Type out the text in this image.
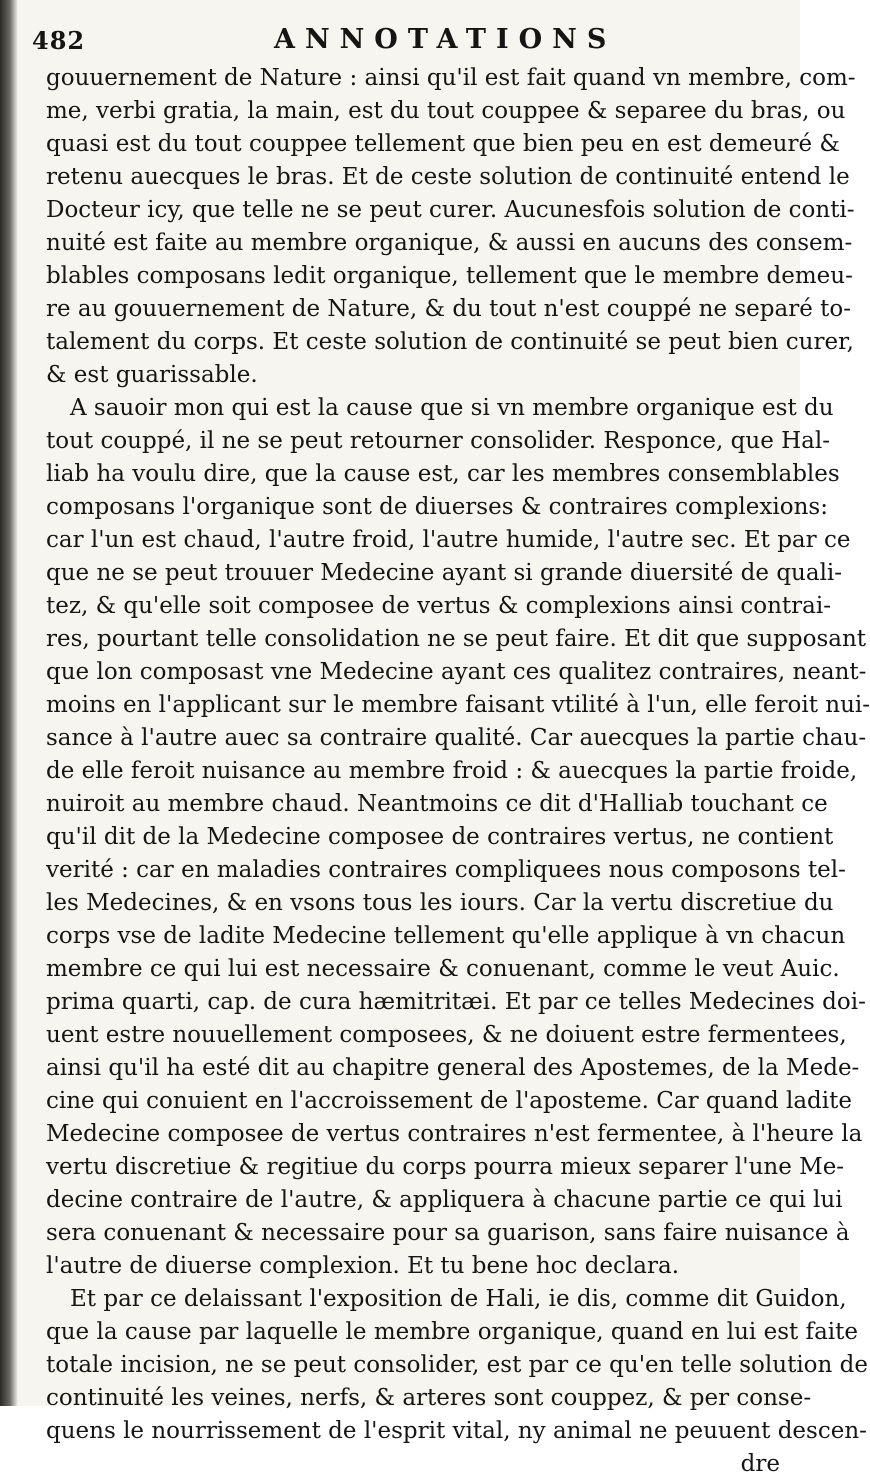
482	ANNOTATIONS
gouuernement de Nature : ainsi qu'il est fait quand vn membre, com-
me, verbi gratia, la main, est du tout couppee & separee du bras, ou
quasi est du tout couppee tellement que bien peu en est demeuré &
retenu auecques le bras. Et de ceste solution de continuité entend le
Docteur icy, que telle ne se peut curer. Aucunesfois solution de conti-
nuité est faite au membre organique, & aussi en aucuns des consem-
blables composans ledit organique, tellement que le membre demeu-
re au gouuernement de Nature, & du tout n'est couppé ne separé to-
talement du corps. Et ceste solution de continuité se peut bien curer,
& est guarissable.
A sauoir mon qui est la cause que si vn membre organique est du
tout couppé, il ne se peut retourner consolider. Responce, que Hal-
liab ha voulu dire, que la cause est, car les membres consemblables
composans l'organique sont de diuerses & contraires complexions:
car l'un est chaud, l'autre froid, l'autre humide, l'autre sec. Et par ce
que ne se peut trouuer Medecine ayant si grande diuersité de quali-
tez, & qu'elle soit composee de vertus & complexions ainsi contrai-
res, pourtant telle consolidation ne se peut faire. Et dit que supposant
que lon composast vne Medecine ayant ces qualitez contraires, neant-
moins en l'applicant sur le membre faisant vtilité à l'un, elle feroit nui-
sance à l'autre auec sa contraire qualité. Car auecques la partie chau-
de elle feroit nuisance au membre froid : & auecques la partie froide,
nuiroit au membre chaud. Neantmoins ce dit d'Halliab touchant ce
qu'il dit de la Medecine composee de contraires vertus, ne contient
verité : car en maladies contraires compliquees nous composons tel-
les Medecines, & en vsons tous les iours. Car la vertu discretiue du
corps vse de ladite Medecine tellement qu'elle applique à vn chacun
membre ce qui lui est necessaire & conuenant, comme le veut Auic.
prima quarti, cap. de cura hæmitritæi. Et par ce telles Medecines doi-
uent estre nouuellement composees, & ne doiuent estre fermentees,
ainsi qu'il ha esté dit au chapitre general des Apostemes, de la Mede-
cine qui conuient en l'accroissement de l'aposteme. Car quand ladite
Medecine composee de vertus contraires n'est fermentee, à l'heure la
vertu discretiue & regitiue du corps pourra mieux separer l'une Me-
decine contraire de l'autre, & appliquera à chacune partie ce qui lui
sera conuenant & necessaire pour sa guarison, sans faire nuisance à
l'autre de diuerse complexion. Et tu bene hoc declara.
Et par ce delaissant l'exposition de Hali, ie dis, comme dit Guidon,
que la cause par laquelle le membre organique, quand en lui est faite
totale incision, ne se peut consolider, est par ce qu'en telle solution de
continuité les veines, nerfs, & arteres sont couppez, & per conse-
quens le nourrissement de l'esprit vital, ny animal ne peuuent descen-
dre
